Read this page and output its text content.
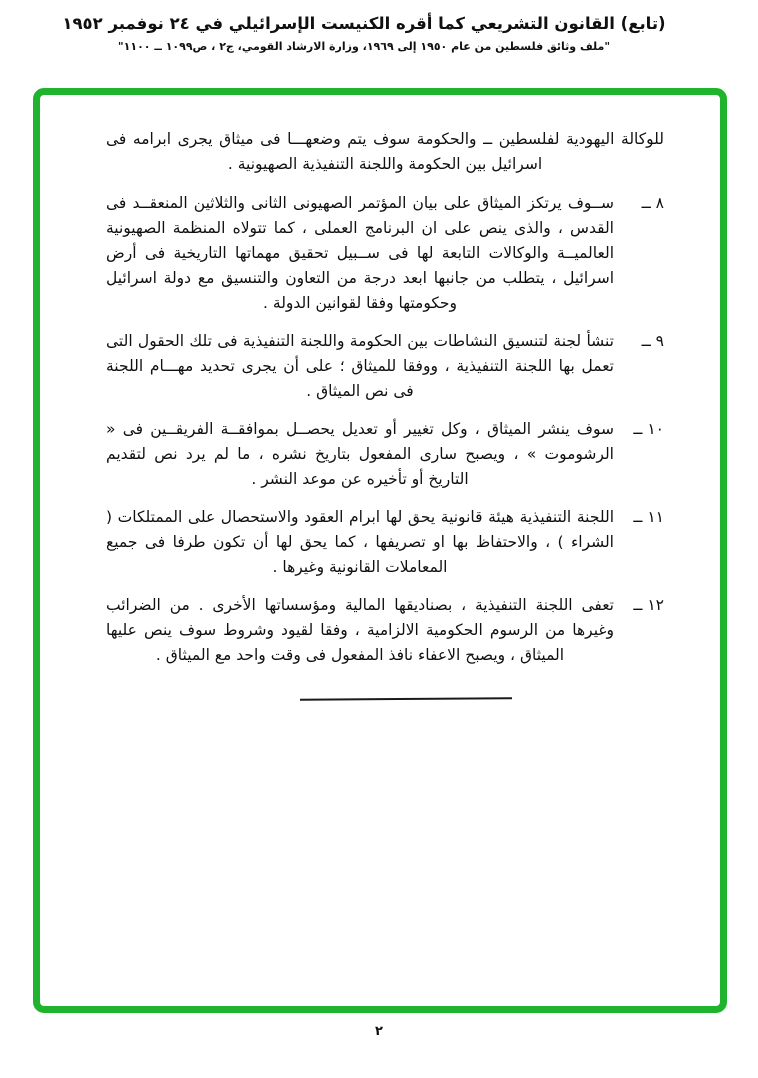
(تابع) القانون التشريعي كما أقره الكنيست الإسرائيلي في ٢٤ نوفمبر ١٩٥٢
"ملف وثائق فلسطين من عام ١٩٥٠ إلى ١٩٦٩، وزارة الارشاد القومي، ج٢ ، ص١٠٩٩ ــ ١١٠٠"

للوكالة اليهودية لفلسطين ــ والحكومة سوف يتم وضعهـــا فى ميثاق يجرى ابرامه فى اسرائيل بين الحكومة واللجنة التنفيذية الصهيونية .

٨ ــ

ســوف يرتكز الميثاق على بيان المؤتمر الصهيونى الثانى والثلاثين المنعقــد فى القدس ، والذى ينص على ان البرنامج العملى ، كما تتولاه المنظمة الصهيونية العالميــة والوكالات التابعة لها فى ســبيل تحقيق مهماتها التاريخية فى أرض اسرائيل ، يتطلب من جانبها ابعد درجة من التعاون والتنسيق مع دولة اسرائيل وحكومتها وفقا لقوانين الدولة .

٩ ــ

تنشأ لجنة لتنسيق النشاطات بين الحكومة واللجنة التنفيذية فى تلك الحقول التى تعمل بها اللجنة التنفيذية ، ووفقا للميثاق ؛ على أن يجرى تحديد مهـــام اللجنة فى نص الميثاق .

١٠ ــ

سوف ينشر الميثاق ، وكل تغيير أو تعديل يحصــل بموافقــة الفريقــين فى « الرشوموت » ، ويصبح سارى المفعول بتاريخ نشره ، ما لم يرد نص لتقديم التاريخ أو تأخيره عن موعد النشر .

١١ ــ

اللجنة التنفيذية هيئة قانونية يحق لها ابرام العقود والاستحصال على الممتلكات ( الشراء ) ، والاحتفاظ بها او تصريفها ، كما يحق لها أن تكون طرفا فى جميع المعاملات القانونية وغيرها .

١٢ ــ

تعفى اللجنة التنفيذية ، بصناديقها المالية ومؤسساتها الأخرى . من الضرائب وغيرها من الرسوم الحكومية الالزامية ، وفقا لقيود وشروط سوف ينص عليها الميثاق ، ويصبح الاعفاء نافذ المفعول فى وقت واحد مع الميثاق .

٢
